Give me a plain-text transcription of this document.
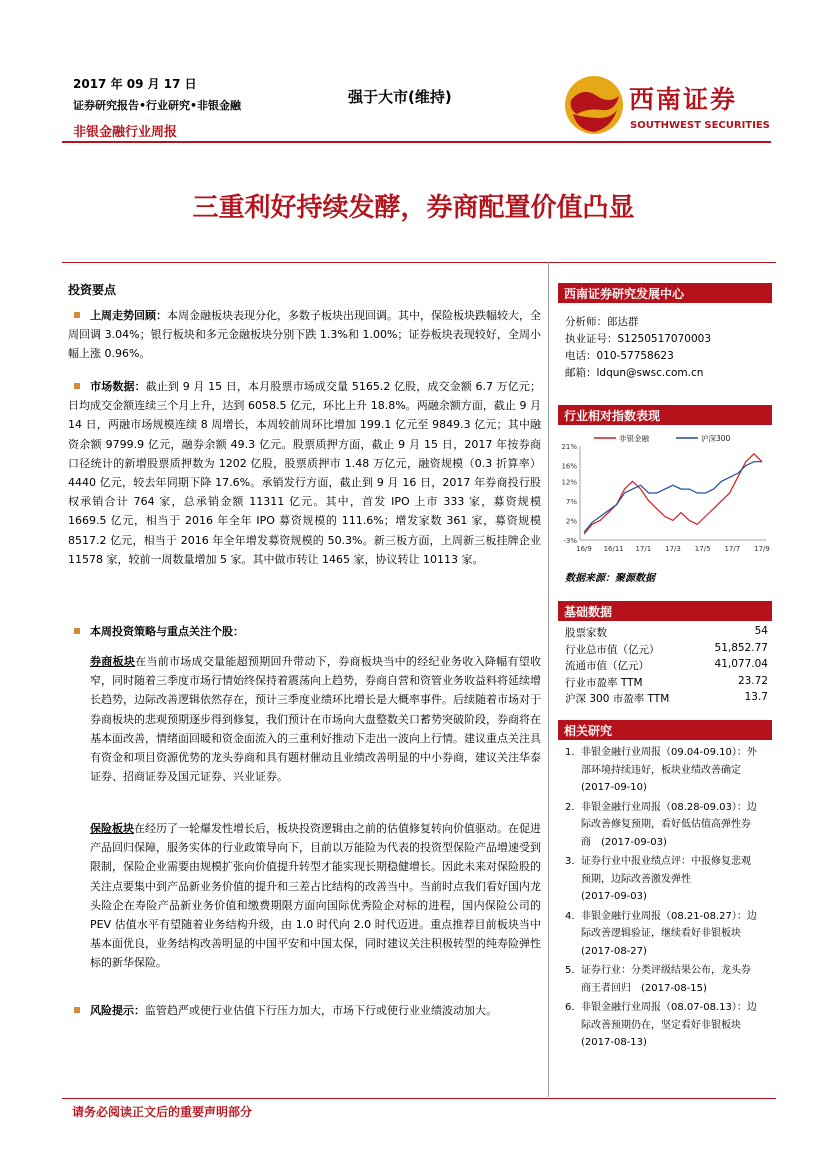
2017 年 09 月 17 日
证券研究报告•行业研究•非银金融
非银金融行业周报
强于大市(维持)	西南证券
SOUTHWEST SECURITIES
三重利好持续发酵，券商配置价值凸显
投资要点
上周走势回顾：本周金融板块表现分化，多数子板块出现回调。其中，保险板块跌幅较大，全周回调 3.04%；银行板块和多元金融板块分别下跌 1.3%和 1.00%；证券板块表现较好，全周小幅上涨 0.96%。
市场数据：截止到 9 月 15 日，本月股票市场成交量 5165.2 亿股，成交金额 6.7 万亿元；日均成交金额连续三个月上升，达到 6058.5 亿元，环比上升 18.8%。两融余额方面，截止 9 月 14 日，两融市场规模连续 8 周增长，本周较前周环比增加 199.1 亿元至 9849.3 亿元；其中融资余额 9799.9 亿元，融券余额 49.3 亿元。股票质押方面，截止 9 月 15 日，2017 年按券商口径统计的新增股票质押数为 1202 亿股，股票质押市 1.48 万亿元，融资规模（0.3 折算率）4440 亿元，较去年同期下降 17.6%。承销发行方面，截止到 9 月 16 日，2017 年券商投行股权承销合计 764 家，总承销金额 11311 亿元。其中，首发 IPO 上市 333 家，募资规模 1669.5 亿元，相当于 2016 年全年 IPO 募资规模的 111.6%；增发家数 361 家，募资规模 8517.2 亿元，相当于 2016 年全年增发募资规模的 50.3%。新三板方面，上周新三板挂牌企业 11578 家，较前一周数量增加 5 家。其中做市转让 1465 家，协议转让 10113 家。
本周投资策略与重点关注个股：
券商板块在当前市场成交量能超预期回升带动下，券商板块当中的经纪业务收入降幅有望收窄，同时随着三季度市场行情始终保持着震荡向上趋势，券商自营和资管业务收益料将延续增长趋势，边际改善逻辑依然存在，预计三季度业绩环比增长是大概率事件。后续随着市场对于券商板块的悲观预期逐步得到修复，我们预计在市场向大盘整数关口蓄势突破阶段，券商将在基本面改善，情绪面回暖和资金面流入的三重利好推动下走出一波向上行情。建议重点关注具有资金和项目资源优势的龙头券商和具有题材催动且业绩改善明显的中小券商，建议关注华泰证券、招商证券及国元证券、兴业证券。
保险板块在经历了一轮爆发性增长后，板块投资逻辑由之前的估值修复转向价值驱动。在促进产品回归保障，服务实体的行业政策导向下，目前以万能险为代表的投资型保险产品增速受到限制，保险企业需要由规模扩张向价值提升转型才能实现长期稳健增长。因此未来对保险股的关注点要集中到产品新业务价值的提升和三差占比结构的改善当中。当前时点我们看好国内龙头险企在寿险产品新业务价值和缴费期限方面向国际优秀险企对标的进程，国内保险公司的 PEV 估值水平有望随着业务结构升级，由 1.0 时代向 2.0 时代迈进。重点推荐目前板块当中基本面优良，业务结构改善明显的中国平安和中国太保，同时建议关注积极转型的纯寿险弹性标的新华保险。
风险提示：监管趋严或使行业估值下行压力加大，市场下行或使行业业绩波动加大。
西南证券研究发展中心
分析师：郎达群
执业证号：S1250517070003
电话：010-57758623
邮箱：ldqun@swsc.com.cn
行业相对指数表现
-3%
2%
7%
12%
16%
21%
16/9 16/11 17/1 17/3 17/5 17/7 17/9
非银金融	沪深300
数据来源：聚源数据
基础数据
股票家数	54
行业总市值（亿元）	51,852.77
流通市值（亿元）	41,077.04
行业市盈率 TTM	23.72
沪深 300 市盈率 TTM	13.7
相关研究
1. 非银金融行业周报（09.04-09.10）：外
部环境持续违好，板块业绩改善确定
(2017-09-10)
2. 非银金融行业周报（08.28-09.03）：边
际改善修复预期，看好低估值高弹性券
商　(2017-09-03)
3. 证券行业中报业绩点评：中报修复悲观
预期，边际改善激发弹性
(2017-09-03)
4. 非银金融行业周报（08.21-08.27）：边
际改善逻辑验证，继续看好非银板块
(2017-08-27)
5. 证券行业：分类评级结果公布，龙头券
商王者回归　(2017-08-15)
6. 非银金融行业周报（08.07-08.13）：边
际改善预期仍在，坚定看好非银板块
(2017-08-13)
请务必阅读正文后的重要声明部分
